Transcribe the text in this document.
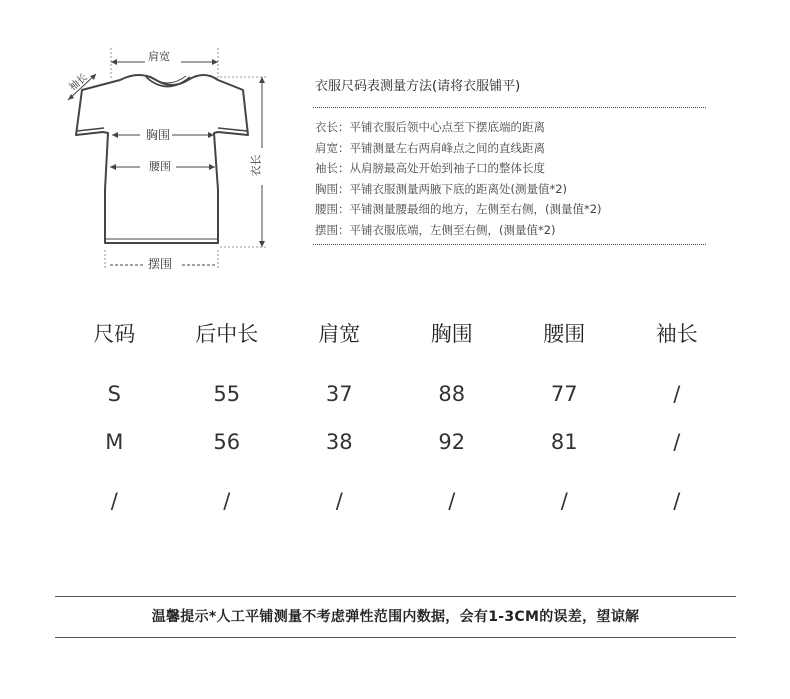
肩宽
袖长
胸围
腰围	衣长
摆围
衣服尺码表测量方法(请将衣服铺平)
衣长：平铺衣服后领中心点至下摆底端的距离
肩宽：平铺测量左右两肩峰点之间的直线距离
袖长：从肩膀最高处开始到袖子口的整体长度
胸围：平铺衣服测量两腋下底的距离处(测量值*2)
腰围：平铺测量腰最细的地方，左侧至右侧，(测量值*2)
摆围：平铺衣服底端，左侧至右侧，(测量值*2)
尺码	后中长	肩宽	胸围	腰围	袖长
S	55	37	88	77	/
M	56	38	92	81	/
/	/	/	/	/	/
温馨提示*人工平铺测量不考虑弹性范围内数据，会有1-3CM的误差，望谅解
